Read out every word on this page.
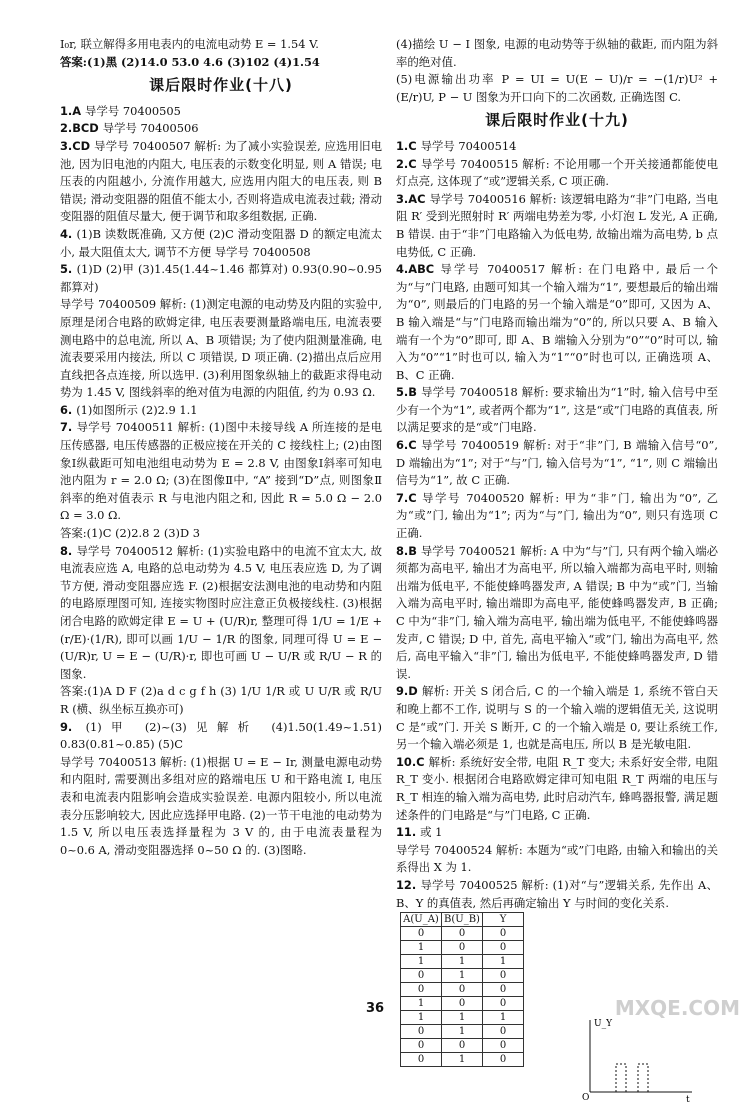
I₀r, 联立解得多用电表内的电流电动势 E = 1.54 V.

答案:(1)黑 (2)14.0 53.0 4.6 (3)102 (4)1.54

课后限时作业(十八)

1.A 导学号 70400505

2.BCD 导学号 70400506

3.CD 导学号 70400507 解析: 为了减小实验误差, 应选用旧电池, 因为旧电池的内阻大, 电压表的示数变化明显, 则 A 错误; 电压表的内阻越小, 分流作用越大, 应选用内阻大的电压表, 则 B 错误; 滑动变阻器的阻值不能太小, 否则将造成电流表过载; 滑动变阻器的阻值尽量大, 便于调节和取多组数据, 正确.

4. (1)B 读数既准确, 又方便 (2)C 滑动变阻器 D 的额定电流太小, 最大阻值太大, 调节不方便 导学号 70400508

5. (1)D (2)甲 (3)1.45(1.44~1.46 都算对) 0.93(0.90~0.95 都算对)

导学号 70400509 解析: (1)测定电源的电动势及内阻的实验中, 原理是闭合电路的欧姆定律, 电压表要测量路端电压, 电流表要测电路中的总电流, 所以 A、B 项错误; 为了使内阻测量准确, 电流表要采用内接法, 所以 C 项错误, D 项正确. (2)描出点后应用直线把各点连接, 所以选甲. (3)利用图象纵轴上的截距求得电动势为 1.45 V, 图线斜率的绝对值为电源的内阻值, 约为 0.93 Ω.

6. (1)如图所示 (2)2.9 1.1

7. 导学号 70400511 解析: (1)图中未接导线 A 所连接的是电压传感器, 电压传感器的正极应接在开关的 C 接线柱上; (2)由图象Ⅰ纵截距可知电池组电动势为 E = 2.8 V, 由图象Ⅰ斜率可知电池内阻为 r = 2.0 Ω; (3)在图像Ⅱ中, “A” 接到“D”点, 则图象Ⅱ斜率的绝对值表示 R 与电池内阻之和, 因此 R = 5.0 Ω − 2.0 Ω = 3.0 Ω.

答案:(1)C (2)2.8 2 (3)D 3

8. 导学号 70400512 解析: (1)实验电路中的电流不宜太大, 故电流表应选 A, 电路的总电动势为 4.5 V, 电压表应选 D, 为了调节方便, 滑动变阻器应选 F. (2)根据安法测电池的电动势和内阻的电路原理图可知, 连接实物图时应注意正负极接线柱. (3)根据闭合电路的欧姆定律 E = U + (U/R)r, 整理可得 1/U = 1/E + (r/E)·(1/R), 即可以画 1/U − 1/R 的图象, 同理可得 U = E − (U/R)r, U = E − (U/R)·r, 即也可画 U − U/R 或 R/U − R 的图象.

答案:(1)A D F (2)a d c g f h (3) 1/U 1/R 或 U U/R 或 R/U R (横、纵坐标互换亦可)

9. (1)甲 (2)~(3)见解析 (4)1.50(1.49~1.51) 0.83(0.81~0.85) (5)C

导学号 70400513 解析: (1)根据 U = E − Ir, 测量电源电动势和内阻时, 需要测出多组对应的路端电压 U 和干路电流 I, 电压表和电流表内阻影响会造成实验误差. 电源内阻较小, 所以电流表分压影响较大, 因此应选择甲电路. (2)一节干电池的电动势为 1.5 V, 所以电压表选择量程为 3 V 的, 由于电流表量程为 0~0.6 A, 滑动变阻器选择 0~50 Ω 的. (3)图略.

(4)描绘 U − I 图象, 电源的电动势等于纵轴的截距, 而内阻为斜率的绝对值.

(5)电源输出功率 P = UI = U(E − U)/r = −(1/r)U² + (E/r)U, P − U 图象为开口向下的二次函数, 正确选图 C.

课后限时作业(十九)

1.C 导学号 70400514

2.C 导学号 70400515 解析: 不论用哪一个开关接通都能使电灯点亮, 这体现了“或”逻辑关系, C 项正确.

3.AC 导学号 70400516 解析: 该逻辑电路为“非”门电路, 当电阻 R′ 受到光照射时 R′ 两端电势差为零, 小灯泡 L 发光, A 正确, B 错误. 由于“非”门电路输入为低电势, 故输出端为高电势, b 点电势低, C 正确.

4.ABC 导学号 70400517 解析: 在门电路中, 最后一个为“与”门电路, 由题可知其一个输入端为“1”, 要想最后的输出端为“0”, 则最后的门电路的另一个输入端是“0”即可, 又因为 A、B 输入端是“与”门电路而输出端为“0”的, 所以只要 A、B 输入端有一个为“0”即可, 即 A、B 端输入分别为“0”“0”时可以, 输入为“0”“1”时也可以, 输入为“1”“0”时也可以, 正确选项 A、B、C 正确.

5.B 导学号 70400518 解析: 要求输出为“1”时, 输入信号中至少有一个为“1”, 或者两个都为“1”, 这是“或”门电路的真值表, 所以满足要求的是“或”门电路.

6.C 导学号 70400519 解析: 对于“非”门, B 端输入信号“0”, D 端输出为“1”; 对于“与”门, 输入信号为“1”, “1”, 则 C 端输出信号为“1”, 故 C 正确.

7.C 导学号 70400520 解析: 甲为“非”门, 输出为“0”, 乙为“或”门, 输出为“1”; 丙为“与”门, 输出为“0”, 则只有选项 C 正确.

8.B 导学号 70400521 解析: A 中为“与”门, 只有两个输入端必须都为高电平, 输出才为高电平, 所以输入端都为高电平时, 则输出端为低电平, 不能使蜂鸣器发声, A 错误; B 中为“或”门, 当输入端为高电平时, 输出端即为高电平, 能使蜂鸣器发声, B 正确; C 中为“非”门, 输入端为高电平, 输出端为低电平, 不能使蜂鸣器发声, C 错误; D 中, 首先, 高电平输入“或”门, 输出为高电平, 然后, 高电平输入“非”门, 输出为低电平, 不能使蜂鸣器发声, D 错误.

9.D 解析: 开关 S 闭合后, C 的一个输入端是 1, 系统不管白天和晚上都不工作, 说明与 S 的一个输入端的逻辑值无关, 这说明 C 是“或”门. 开关 S 断开, C 的一个输入端是 0, 要让系统工作, 另一个输入端必须是 1, 也就是高电压, 所以 B 是光敏电阻.

10.C 解析: 系统好安全带, 电阻 R_T 变大; 未系好安全带, 电阻 R_T 变小. 根据闭合电路欧姆定律可知电阻 R_T 两端的电压与 R_T 相连的输入端为高电势, 此时启动汽车, 蜂鸣器报警, 满足题述条件的门电路是“与”门电路, C 正确.

11. 或 1

导学号 70400524 解析: 本题为“或”门电路, 由输入和输出的关系得出 X 为 1.

12. 导学号 70400525 解析: (1)对“与”逻辑关系, 先作出 A、B、Y 的真值表, 然后再确定输出 Y 与时间的变化关系.

A(U_A)	B(U_B)	Y
0	0	0
1	0	0
1	1	1
0	1	0
0	0	0
1	0	0
1	1	1
0	1	0
0	0	0
0	1	0
O
U_Y
t
36	MXQE.COM
